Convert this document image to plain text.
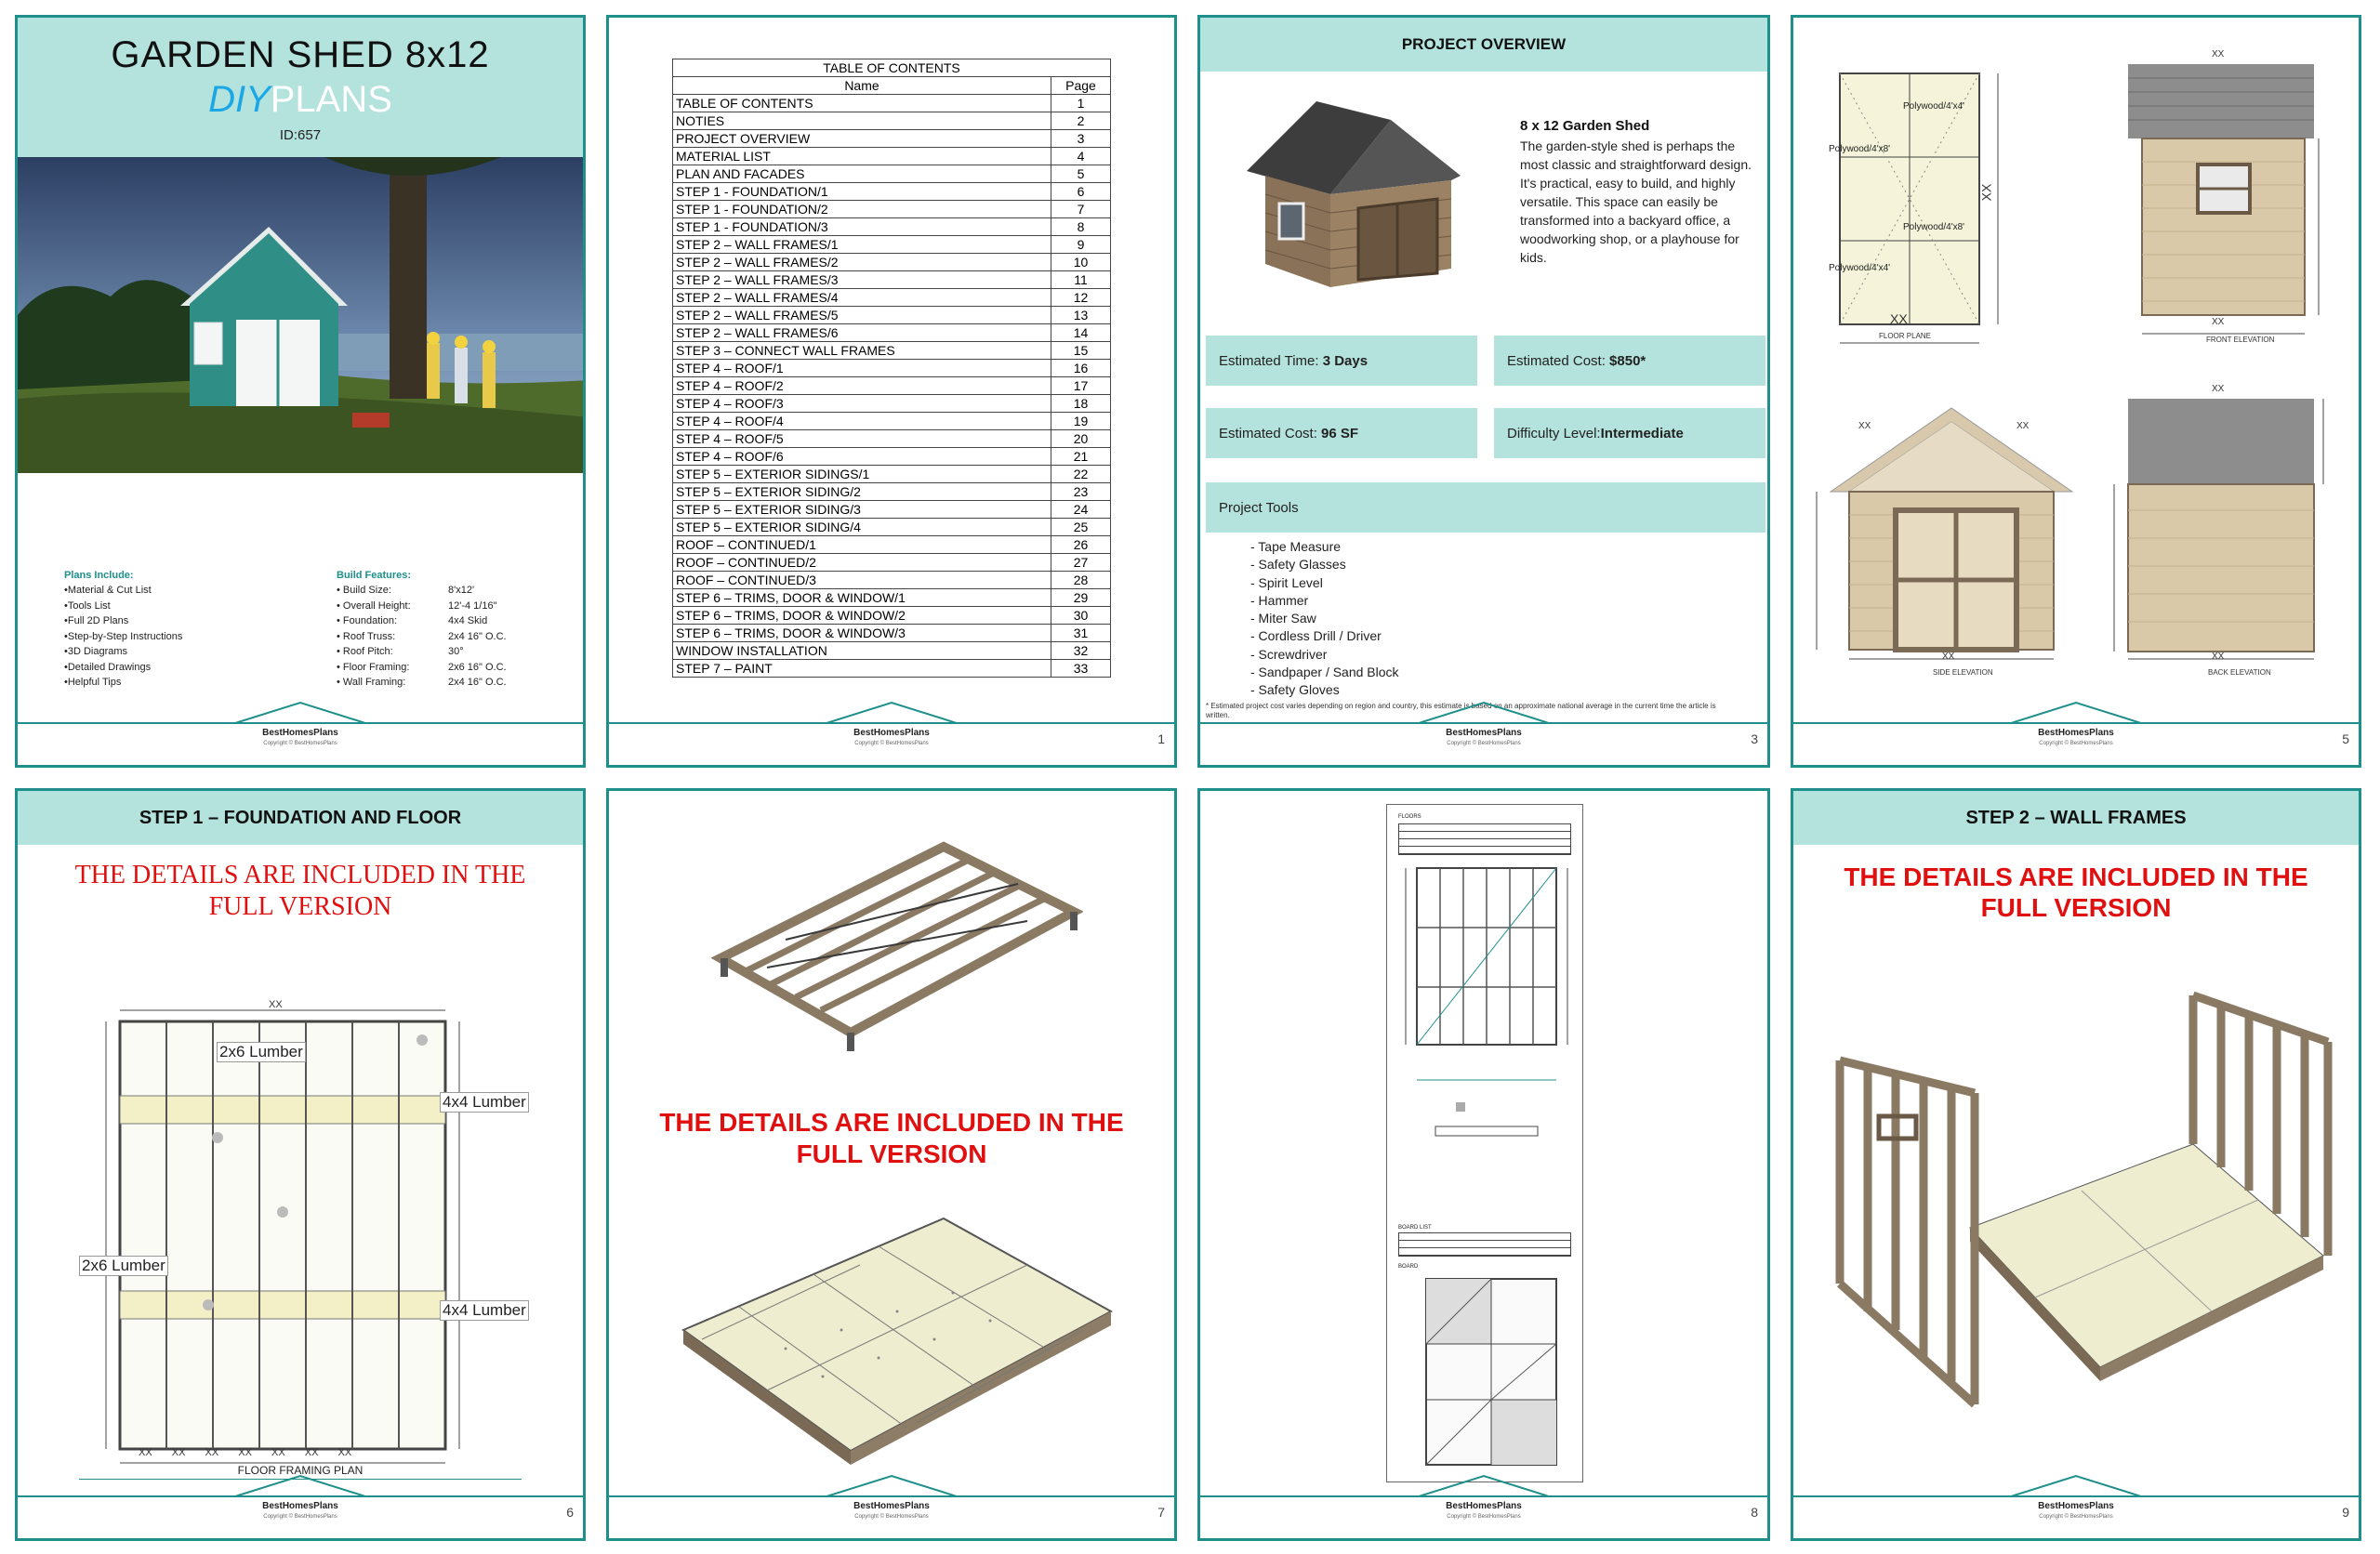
GARDEN SHED 8x12
DIYPLANS
ID:657
Plans Include:
•Material & Cut List
•Tools List
•Full 2D Plans
•Step-by-Step Instructions
•3D Diagrams
•Detailed Drawings
•Helpful Tips
Build Features:
• Build Size:	8'x12'
• Overall Height:	12'-4 1/16"
• Foundation:	4x4 Skid
• Roof Truss:	2x4 16" O.C.
• Roof Pitch:	30°
• Floor Framing:	2x6 16" O.C.
• Wall Framing:	2x4 16" O.C.
BestHomesPlans
Copyright © BestHomesPlans
TABLE OF CONTENTS	
Name	Page
TABLE OF CONTENTS	1
NOTIES	2
PROJECT OVERVIEW	3
MATERIAL LIST	4
PLAN AND FACADES	5
STEP 1 - FOUNDATION/1	6
STEP 1 - FOUNDATION/2	7
STEP 1 - FOUNDATION/3	8
STEP 2 – WALL FRAMES/1	9
STEP 2 – WALL FRAMES/2	10
STEP 2 – WALL FRAMES/3	11
STEP 2 – WALL FRAMES/4	12
STEP 2 – WALL FRAMES/5	13
STEP 2 – WALL FRAMES/6	14
STEP 3 – CONNECT WALL FRAMES	15
STEP 4 – ROOF/1	16
STEP 4 – ROOF/2	17
STEP 4 – ROOF/3	18
STEP 4 – ROOF/4	19
STEP 4 – ROOF/5	20
STEP 4 – ROOF/6	21
STEP 5 – EXTERIOR SIDINGS/1	22
STEP 5 – EXTERIOR SIDING/2	23
STEP 5 – EXTERIOR SIDING/3	24
STEP 5 – EXTERIOR SIDING/4	25
ROOF – CONTINUED/1	26
ROOF – CONTINUED/2	27
ROOF – CONTINUED/3	28
STEP 6 – TRIMS, DOOR & WINDOW/1	29
STEP 6 – TRIMS, DOOR & WINDOW/2	30
STEP 6 – TRIMS, DOOR & WINDOW/3	31
WINDOW INSTALLATION	32
STEP 7 – PAINT	33
BestHomesPlans
Copyright © BestHomesPlans	1
PROJECT OVERVIEW
8 x 12 Garden Shed
The garden-style shed is perhaps the most classic and straightforward design. It's practical, easy to build, and highly versatile. This space can easily be transformed into a backyard office, a woodworking shop, or a playhouse for kids.
Estimated Time:
3 Days	Estimated Cost:
$850*
Estimated Cost:
96 SF	Difficulty Level: Intermediate
Project Tools
- Tape Measure
- Safety Glasses
- Spirit Level
- Hammer
- Miter Saw
- Cordless Drill / Driver
- Screwdriver
- Sandpaper / Sand Block
- Safety Gloves
* Estimated project cost varies depending on region and country, this estimate is based on an approximate national average in the current time the article is written.
BestHomesPlans
Copyright © BestHomesPlans	3
Polywood/4'x4'
Polywood/4'x8'
Polywood/4'x8'
Polywood/4'x4'
XX
XX
FLOOR PLANE
XX
XX
FRONT ELEVATION
XX	XX
XX
SIDE ELEVATION
XX
XX
BACK ELEVATION
BestHomesPlans
Copyright © BestHomesPlans	5
STEP 1 – FOUNDATION AND FLOOR
THE DETAILS ARE INCLUDED IN THE FULL VERSION
2x6 Lumber
4x4 Lumber
2x6 Lumber
4x4 Lumber
XX
XX XX XX XX XX XX XX
FLOOR FRAMING PLAN
BestHomesPlans
Copyright © BestHomesPlans	6
THE DETAILS ARE INCLUDED IN THE FULL VERSION
BestHomesPlans
Copyright © BestHomesPlans	7
FLOORS
BOARD LIST
BOARD
BestHomesPlans
Copyright © BestHomesPlans	8
STEP 2 – WALL FRAMES
THE DETAILS ARE INCLUDED IN THE FULL VERSION
BestHomesPlans
Copyright © BestHomesPlans	9
